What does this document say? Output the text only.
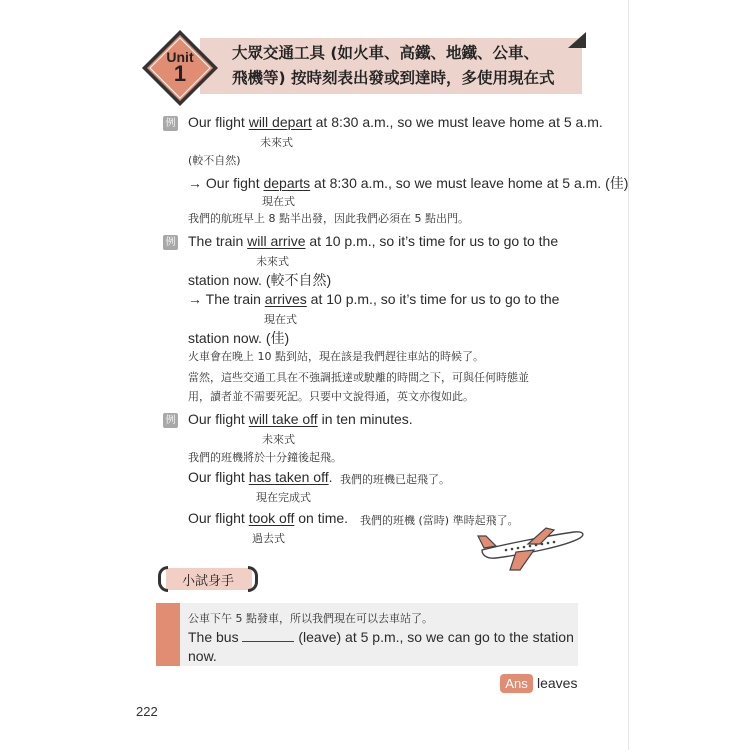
大眾交通工具 (如火車、高鐵、地鐵、公車、
飛機等) 按時刻表出發或到達時，多使用現在式
Unit
1
例 Our flight will depart at 8:30 a.m., so we must leave home at 5 a.m.
未來式
(較不自然)
→ Our fight departs at 8:30 a.m., so we must leave home at 5 a.m. (佳)
現在式
我們的航班早上 8 點半出發，因此我們必須在 5 點出門。
例 The train will arrive at 10 p.m., so it’s time for us to go to the
未來式
station now. (較不自然)
→ The train arrives at 10 p.m., so it’s time for us to go to the
現在式
station now. (佳)
火車會在晚上 10 點到站，現在該是我們趕往車站的時候了。
當然，這些交通工具在不強調抵達或駛離的時間之下，可與任何時態並
用，讀者並不需要死記。只要中文說得通，英文亦復如此。
例 Our flight will take off in ten minutes.
未來式
我們的班機將於十分鐘後起飛。
Our flight has taken off. 我們的班機已起飛了。
現在完成式
Our flight took off on time. 我們的班機 (當時) 準時起飛了。
過去式
小試身手
公車下午 5 點發車，所以我們現在可以去車站了。
The bus	(leave) at 5 p.m., so we can go to the station
now.
Ans leaves
222
